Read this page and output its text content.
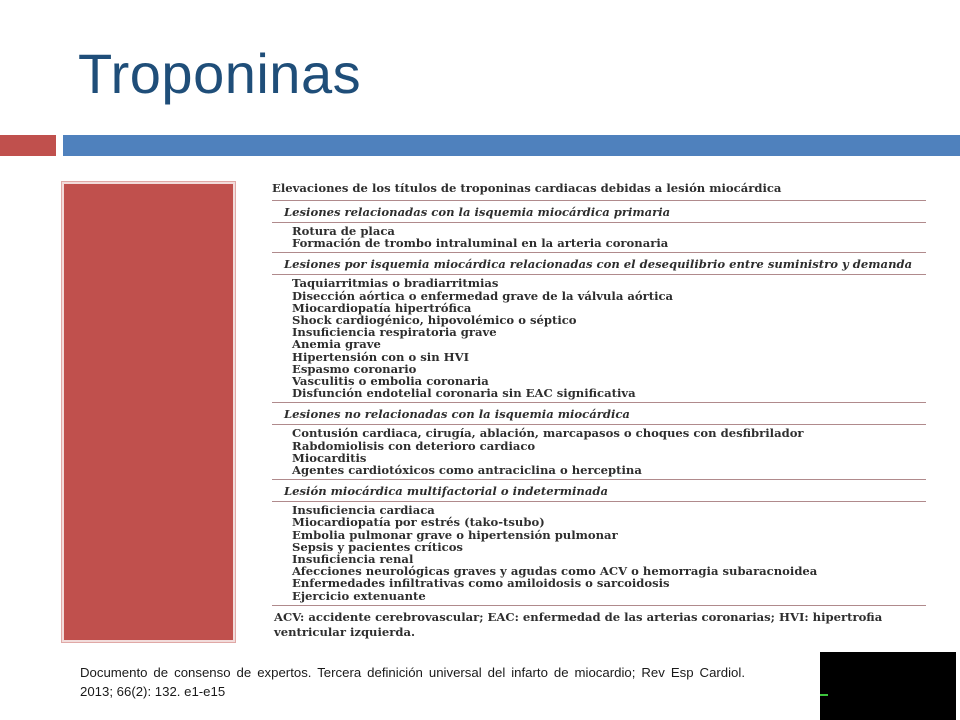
Troponinas
Elevaciones de los títulos de troponinas cardiacas debidas a lesión miocárdica
Lesiones relacionadas con la isquemia miocárdica primaria
Rotura de placa
Formación de trombo intraluminal en la arteria coronaria
Lesiones por isquemia miocárdica relacionadas con el desequilibrio entre suministro y demanda
Taquiarritmias o bradiarritmias
Disección aórtica o enfermedad grave de la válvula aórtica
Miocardiopatía hipertrófica
Shock cardiogénico, hipovolémico o séptico
Insuficiencia respiratoria grave
Anemia grave
Hipertensión con o sin HVI
Espasmo coronario
Vasculitis o embolia coronaria
Disfunción endotelial coronaria sin EAC significativa
Lesiones no relacionadas con la isquemia miocárdica
Contusión cardiaca, cirugía, ablación, marcapasos o choques con desfibrilador
Rabdomiolisis con deterioro cardiaco
Miocarditis
Agentes cardiotóxicos como antraciclina o herceptina
Lesión miocárdica multifactorial o indeterminada
Insuficiencia cardiaca
Miocardiopatía por estrés (tako-tsubo)
Embolia pulmonar grave o hipertensión pulmonar
Sepsis y pacientes críticos
Insuficiencia renal
Afecciones neurológicas graves y agudas como ACV o hemorragia subaracnoidea
Enfermedades infiltrativas como amiloidosis o sarcoidosis
Ejercicio extenuante
ACV: accidente cerebrovascular; EAC: enfermedad de las arterias coronarias; HVI: hipertrofia ventricular izquierda.
Documento de consenso de expertos. Tercera definición universal del infarto de miocardio; Rev Esp Cardiol. 2013; 66(2): 132. e1-e15
